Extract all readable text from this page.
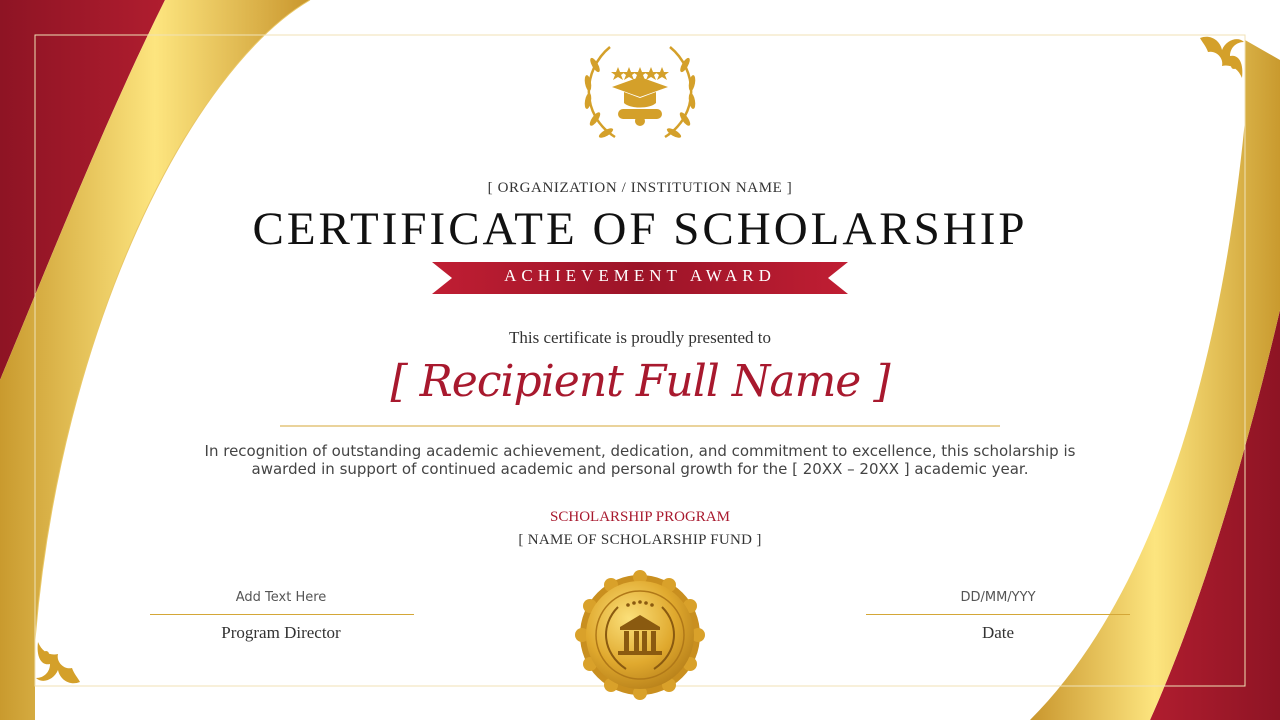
[ ORGANIZATION / INSTITUTION NAME ]
CERTIFICATE OF SCHOLARSHIP
ACHIEVEMENT AWARD
This certificate is proudly presented to
[ Recipient Full Name ]
In recognition of outstanding academic achievement, dedication, and commitment to excellence, this scholarship is
awarded in support of continued academic and personal growth for the [ 20XX – 20XX ] academic year.
SCHOLARSHIP PROGRAM
[ NAME OF SCHOLARSHIP FUND ]
Add Text Here
Program Director
DD/MM/YYY
Date
